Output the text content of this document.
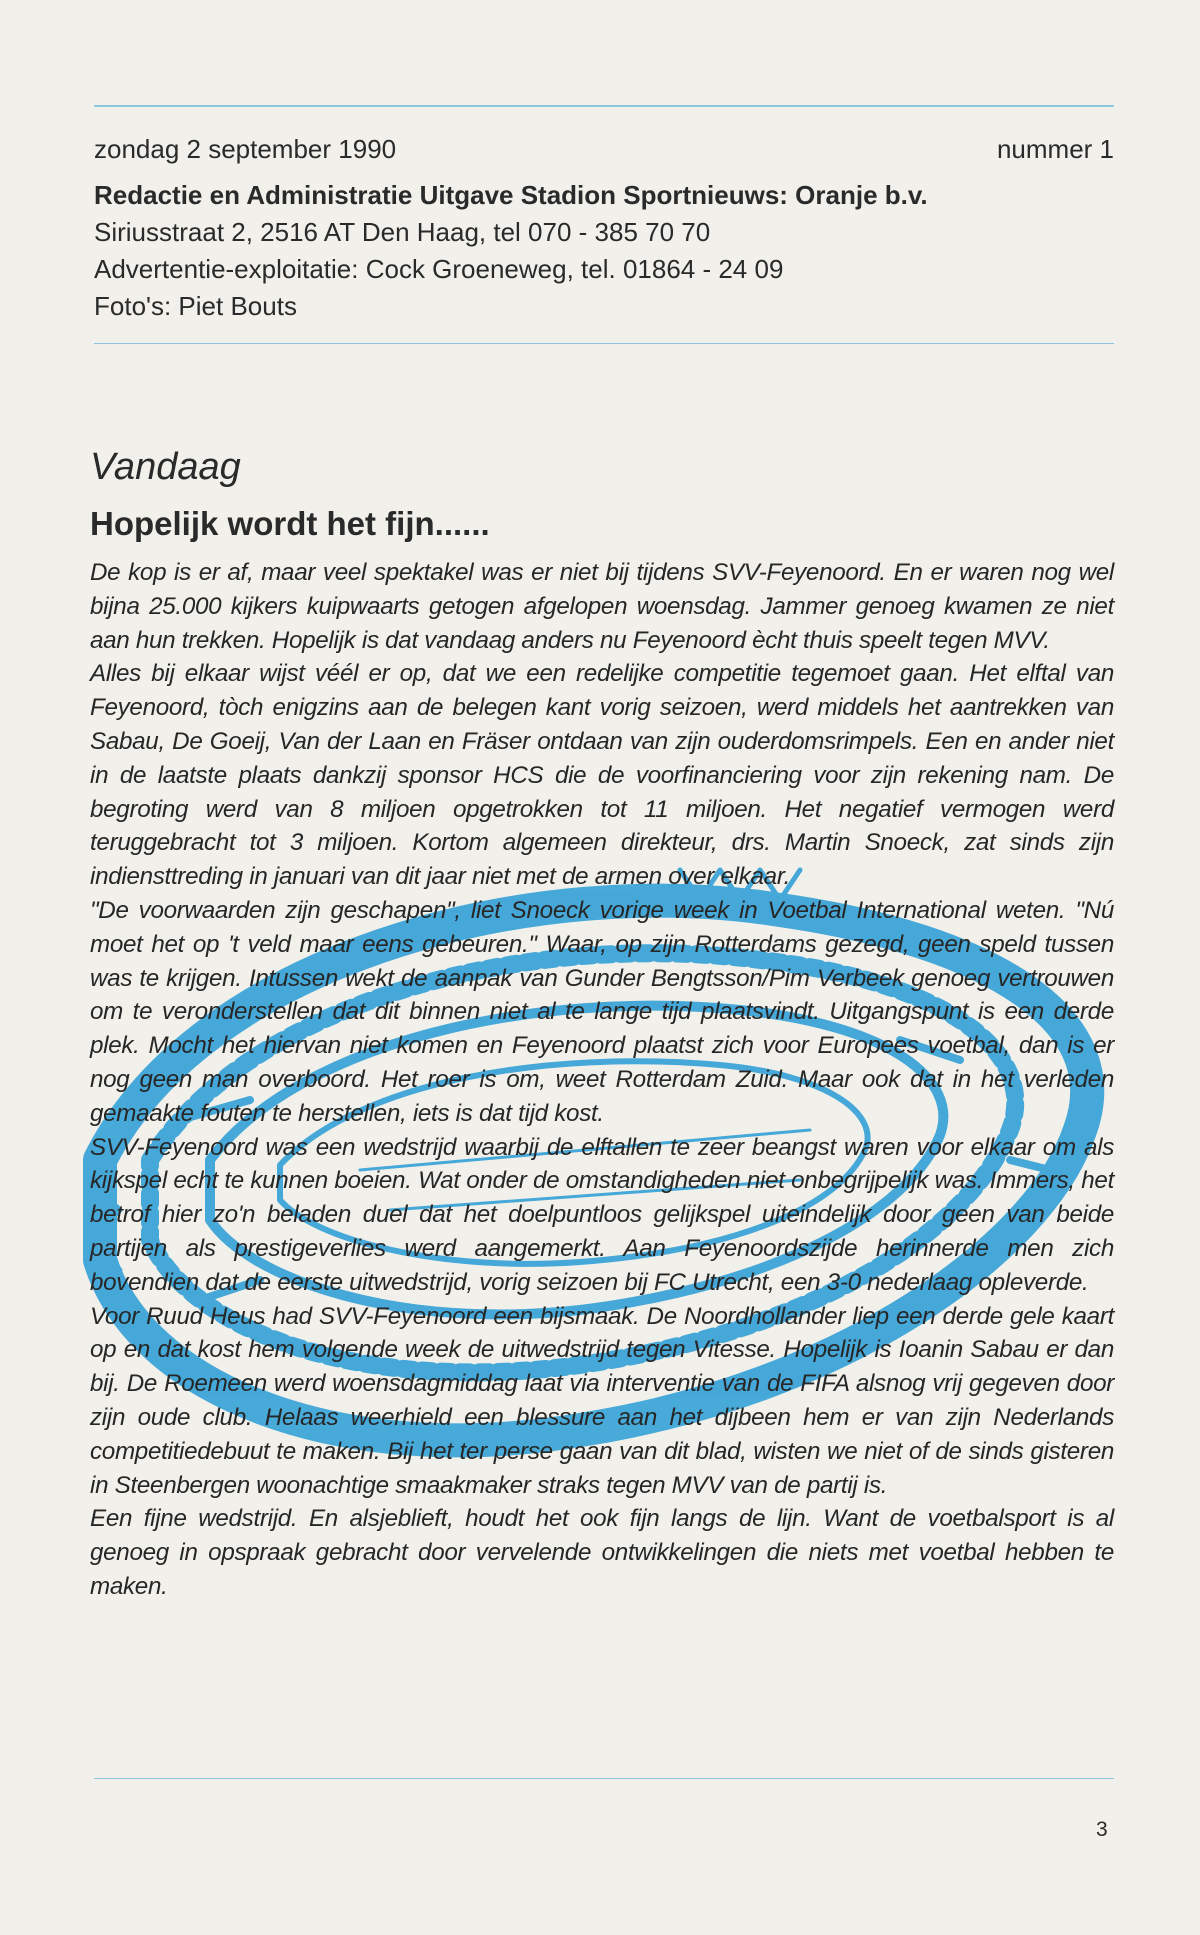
zondag 2 september 1990	nummer 1
Redactie en Administratie Uitgave Stadion Sportnieuws: Oranje b.v.
Siriusstraat 2, 2516 AT Den Haag, tel 070 - 385 70 70
Advertentie-exploitatie: Cock Groeneweg, tel. 01864 - 24 09
Foto's: Piet Bouts
Vandaag
Hopelijk wordt het fijn......

De kop is er af, maar veel spektakel was er niet bij tijdens SVV-Feyenoord. En er waren nog wel bijna 25.000 kijkers kuipwaarts getogen afgelopen woensdag. Jammer genoeg kwamen ze niet aan hun trekken. Hopelijk is dat vandaag anders nu Feyenoord ècht thuis speelt tegen MVV.

Alles bij elkaar wijst véél er op, dat we een redelijke competitie tegemoet gaan. Het elftal van Feyenoord, tòch enigzins aan de belegen kant vorig seizoen, werd middels het aantrekken van Sabau, De Goeij, Van der Laan en Fräser ontdaan van zijn ouderdomsrimpels. Een en ander niet in de laatste plaats dankzij sponsor HCS die de voorfinanciering voor zijn rekening nam. De begroting werd van 8 miljoen opgetrokken tot 11 miljoen. Het negatief vermogen werd teruggebracht tot 3 miljoen. Kortom algemeen direkteur, drs. Martin Snoeck, zat sinds zijn indiensttreding in januari van dit jaar niet met de armen over elkaar.

"De voorwaarden zijn geschapen", liet Snoeck vorige week in Voetbal International weten. "Nú moet het op 't veld maar eens gebeuren." Waar, op zijn Rotterdams gezegd, geen speld tussen was te krijgen. Intussen wekt de aanpak van Gunder Bengtsson/Pim Verbeek genoeg vertrouwen om te veronderstellen dat dit binnen niet al te lange tijd plaatsvindt. Uitgangspunt is een derde plek. Mocht het hiervan niet komen en Feyenoord plaatst zich voor Europees voetbal, dan is er nog geen man overboord. Het roer is om, weet Rotterdam Zuid. Maar ook dat in het verleden gemaakte fouten te herstellen, iets is dat tijd kost.

SVV-Feyenoord was een wedstrijd waarbij de elftallen te zeer beangst waren voor elkaar om als kijkspel echt te kunnen boeien. Wat onder de omstandigheden niet onbegrijpelijk was. Immers, het betrof hier zo'n beladen duel dat het doelpuntloos gelijkspel uiteindelijk door geen van beide partijen als prestigeverlies werd aangemerkt. Aan Feyenoordszijde herinnerde men zich bovendien dat de eerste uitwedstrijd, vorig seizoen bij FC Utrecht, een 3-0 nederlaag opleverde.

Voor Ruud Heus had SVV-Feyenoord een bijsmaak. De Noordhollander liep een derde gele kaart op en dat kost hem volgende week de uitwedstrijd tegen Vitesse. Hopelijk is Ioanin Sabau er dan bij. De Roemeen werd woensdagmiddag laat via interventie van de FIFA alsnog vrij gegeven door zijn oude club. Helaas weerhield een blessure aan het dijbeen hem er van zijn Nederlands competitiedebuut te maken. Bij het ter perse gaan van dit blad, wisten we niet of de sinds gisteren in Steenbergen woonachtige smaakmaker straks tegen MVV van de partij is.

Een fijne wedstrijd. En alsjeblieft, houdt het ook fijn langs de lijn. Want de voetbalsport is al genoeg in opspraak gebracht door vervelende ontwikkelingen die niets met voetbal hebben te maken.

3
